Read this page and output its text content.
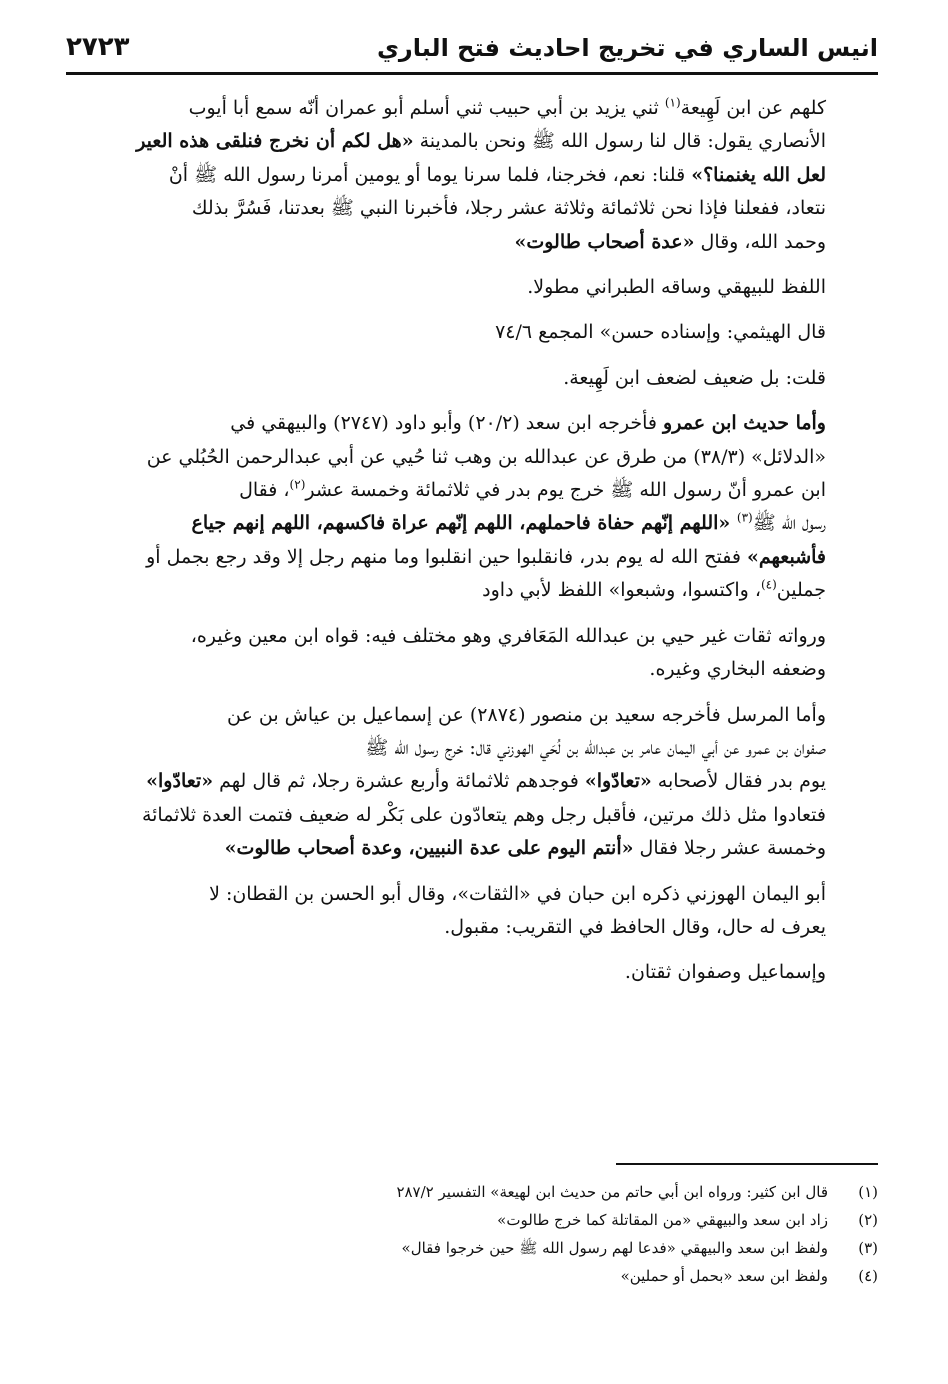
انيس الساري في تخريج احاديث فتح الباري
٢٧٢٣

كلهم عن ابن لَهِيعة$^{(١)}$ ثني يزيد بن أبي حبيب ثني أسلم أبو عمران أنّه سمع أبا أيوب
الأنصاري يقول: قال لنا رسول الله ﷺ ونحن بالمدينة «هل لكم أن نخرج فنلقى هذه العير
لعل الله يغنمنا؟» قلنا: نعم، فخرجنا، فلما سرنا يوما أو يومين أمرنا رسول الله ﷺ أنْ
نتعاد، ففعلنا فإذا نحن ثلاثمائة وثلاثة عشر رجلا، فأخبرنا النبي ﷺ بعدتنا، فَسُرَّ بذلك
وحمد الله، وقال «عدة أصحاب طالوت»

اللفظ للبيهقي وساقه الطبراني مطولا.

قال الهيثمي: وإسناده حسن» المجمع ٧٤/٦

قلت: بل ضعيف لضعف ابن لَهِيعة.

وأما حديث ابن عمرو فأخرجه ابن سعد (٢٠/٢) وأبو داود (٢٧٤٧) والبيهقي في
«الدلائل» (٣٨/٣) من طرق عن عبدالله بن وهب ثنا حُيي عن أبي عبدالرحمن الحُبُلي عن
ابن عمرو أنّ رسول الله ﷺ خرج يوم بدر في ثلاثمائة وخمسة عشر$^{(٢)}$، فقال
رسول الله ﷺ$^{(٣)}$ «اللهم إنّهم حفاة فاحملهم، اللهم إنّهم عراة فاكسهم، اللهم إنهم جياع
فأشبعهم» ففتح الله له يوم بدر، فانقلبوا حين انقلبوا وما منهم رجل إلا وقد رجع بجمل أو
جملين$^{(٤)}$، واكتسوا، وشبعوا» اللفظ لأبي داود

ورواته ثقات غير حيي بن عبدالله المَعَافري وهو مختلف فيه: قواه ابن معين وغيره،
وضعفه البخاري وغيره.

وأما المرسل فأخرجه سعيد بن منصور (٢٨٧٤) عن إسماعيل بن عياش بن عن
صفوان بن عمرو عن أبي اليمان عامر بن عبدالله بن لُحَي الهوزني قال: خرج رسول الله ﷺ
يوم بدر فقال لأصحابه «تعادّوا» فوجدهم ثلاثمائة وأربع عشرة رجلا، ثم قال لهم «تعادّوا»
فتعادوا مثل ذلك مرتين، فأقبل رجل وهم يتعادّون على بَكْر له ضعيف فتمت العدة ثلاثمائة
وخمسة عشر رجلا فقال «أنتم اليوم على عدة النبيين، وعدة أصحاب طالوت»

أبو اليمان الهوزني ذكره ابن حبان في «الثقات»، وقال أبو الحسن بن القطان: لا
يعرف له حال، وقال الحافظ في التقريب: مقبول.

وإسماعيل وصفوان ثقتان.

(١)
قال ابن كثير: ورواه ابن أبي حاتم من حديث ابن لهيعة» التفسير ٢٨٧/٢
(٢)
زاد ابن سعد والبيهقي «من المقاتلة كما خرج طالوت»
(٣)
ولفظ ابن سعد والبيهقي «فدعا لهم رسول الله ﷺ حين خرجوا فقال»
(٤)
ولفظ ابن سعد «بحمل أو حملين»
